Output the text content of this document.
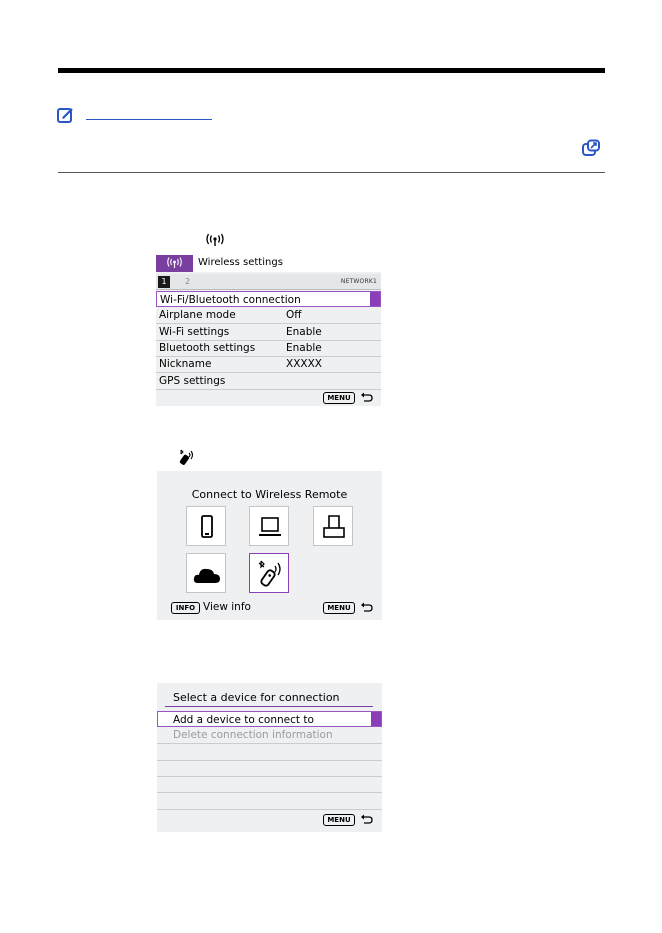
Wireless settings
1	2	NETWORK1
Wi-Fi/Bluetooth connection
Airplane mode	Off
Wi-Fi settings	Enable
Bluetooth settings	Enable
Nickname	XXXXX
GPS settings
MENU
Connect to Wireless Remote
INFO View info	MENU
Select a device for connection
Add a device to connect to
Delete connection information
MENU
